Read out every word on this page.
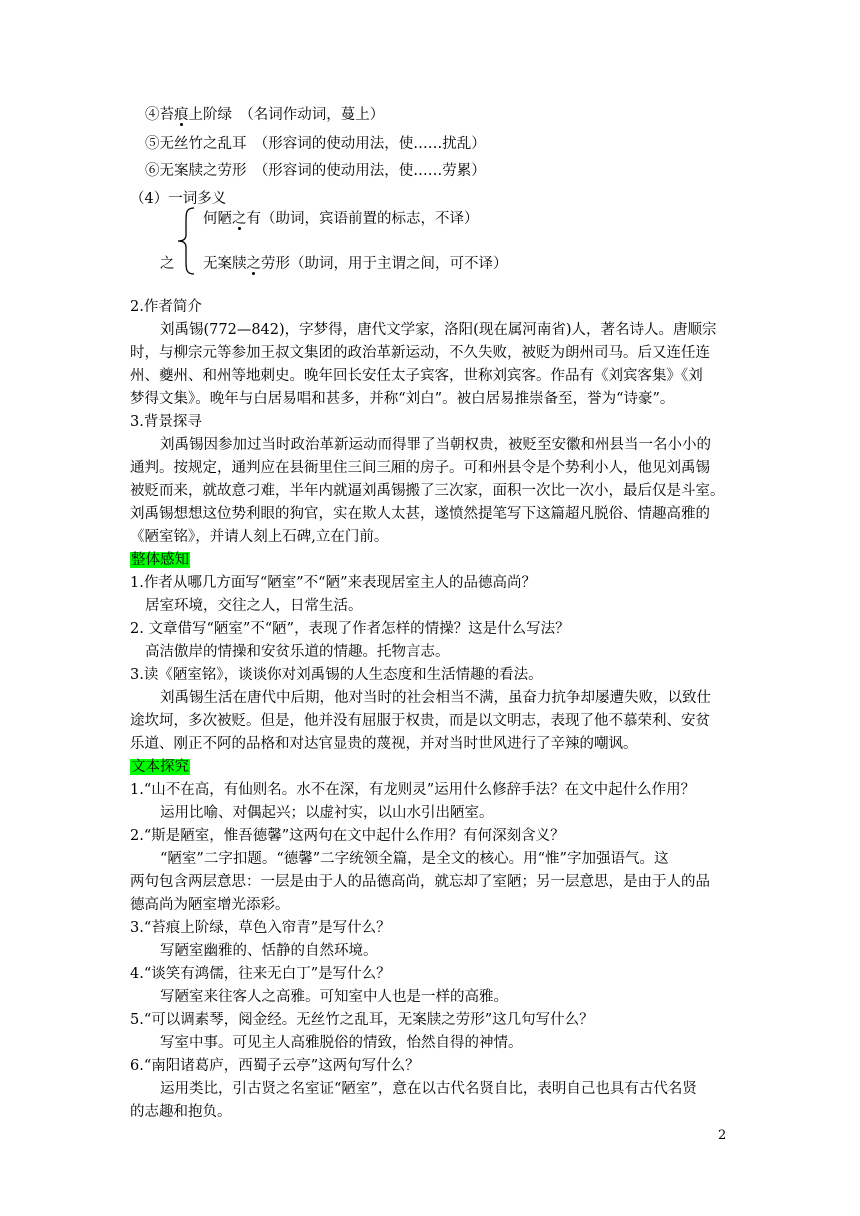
④苔痕上阶绿　（名词作动词，蔓上）
⑤无丝竹之乱耳　（形容词的使动用法，使……扰乱）
⑥无案牍之劳形　（形容词的使动用法，使……劳累）
（4）一词多义
何陋之有（助词，宾语前置的标志，不译）
之 无案牍之劳形（助词，用于主谓之间，可不译）
2.作者简介
刘禹锡(772—842)，字梦得，唐代文学家，洛阳(现在属河南省)人，著名诗人。唐顺宗
时，与柳宗元等参加王叔文集团的政治革新运动，不久失败，被贬为朗州司马。后又连任连
州、夔州、和州等地刺史。晚年回长安任太子宾客，世称刘宾客。作品有《刘宾客集》《刘
梦得文集》。晚年与白居易唱和甚多，并称“刘白”。被白居易推崇备至，誉为“诗豪”。
3.背景探寻
刘禹锡因参加过当时政治革新运动而得罪了当朝权贵，被贬至安徽和州县当一名小小的
通判。按规定，通判应在县衙里住三间三厢的房子。可和州县令是个势利小人，他见刘禹锡
被贬而来，就故意刁难，半年内就逼刘禹锡搬了三次家，面积一次比一次小，最后仅是斗室。
刘禹锡想想这位势利眼的狗官，实在欺人太甚，遂愤然提笔写下这篇超凡脱俗、情趣高雅的
《陋室铭》，并请人刻上石碑,立在门前。
整体感知
1.作者从哪几方面写“陋室”不“陋”来表现居室主人的品德高尚？
居室环境，交往之人，日常生活。
2. 文章借写“陋室”不“陋”，表现了作者怎样的情操？这是什么写法？
高洁傲岸的情操和安贫乐道的情趣。托物言志。
3.读《陋室铭》，谈谈你对刘禹锡的人生态度和生活情趣的看法。
刘禹锡生活在唐代中后期，他对当时的社会相当不满，虽奋力抗争却屡遭失败，以致仕
途坎坷，多次被贬。但是，他并没有屈服于权贵，而是以文明志，表现了他不慕荣利、安贫
乐道、刚正不阿的品格和对达官显贵的蔑视，并对当时世风进行了辛辣的嘲讽。
文本探究
1.“山不在高，有仙则名。水不在深，有龙则灵”运用什么修辞手法？在文中起什么作用？
运用比喻、对偶起兴；以虚衬实，以山水引出陋室。
2.“斯是陋室，惟吾德馨”这两句在文中起什么作用？有何深刻含义？
“陋室”二字扣题。“德馨”二字统领全篇，是全文的核心。用“惟”字加强语气。这
两句包含两层意思：一层是由于人的品德高尚，就忘却了室陋；另一层意思，是由于人的品
德高尚为陋室增光添彩。
3.“苔痕上阶绿，草色入帘青”是写什么？
写陋室幽雅的、恬静的自然环境。
4.“谈笑有鸿儒，往来无白丁”是写什么？
写陋室来往客人之高雅。可知室中人也是一样的高雅。
5.“可以调素琴，阅金经。无丝竹之乱耳，无案牍之劳形”这几句写什么？
写室中事。可见主人高雅脱俗的情致，怡然自得的神情。
6.“南阳诸葛庐，西蜀子云亭”这两句写什么？
运用类比，引古贤之名室证“陋室”，意在以古代名贤自比，表明自己也具有古代名贤
的志趣和抱负。
2
